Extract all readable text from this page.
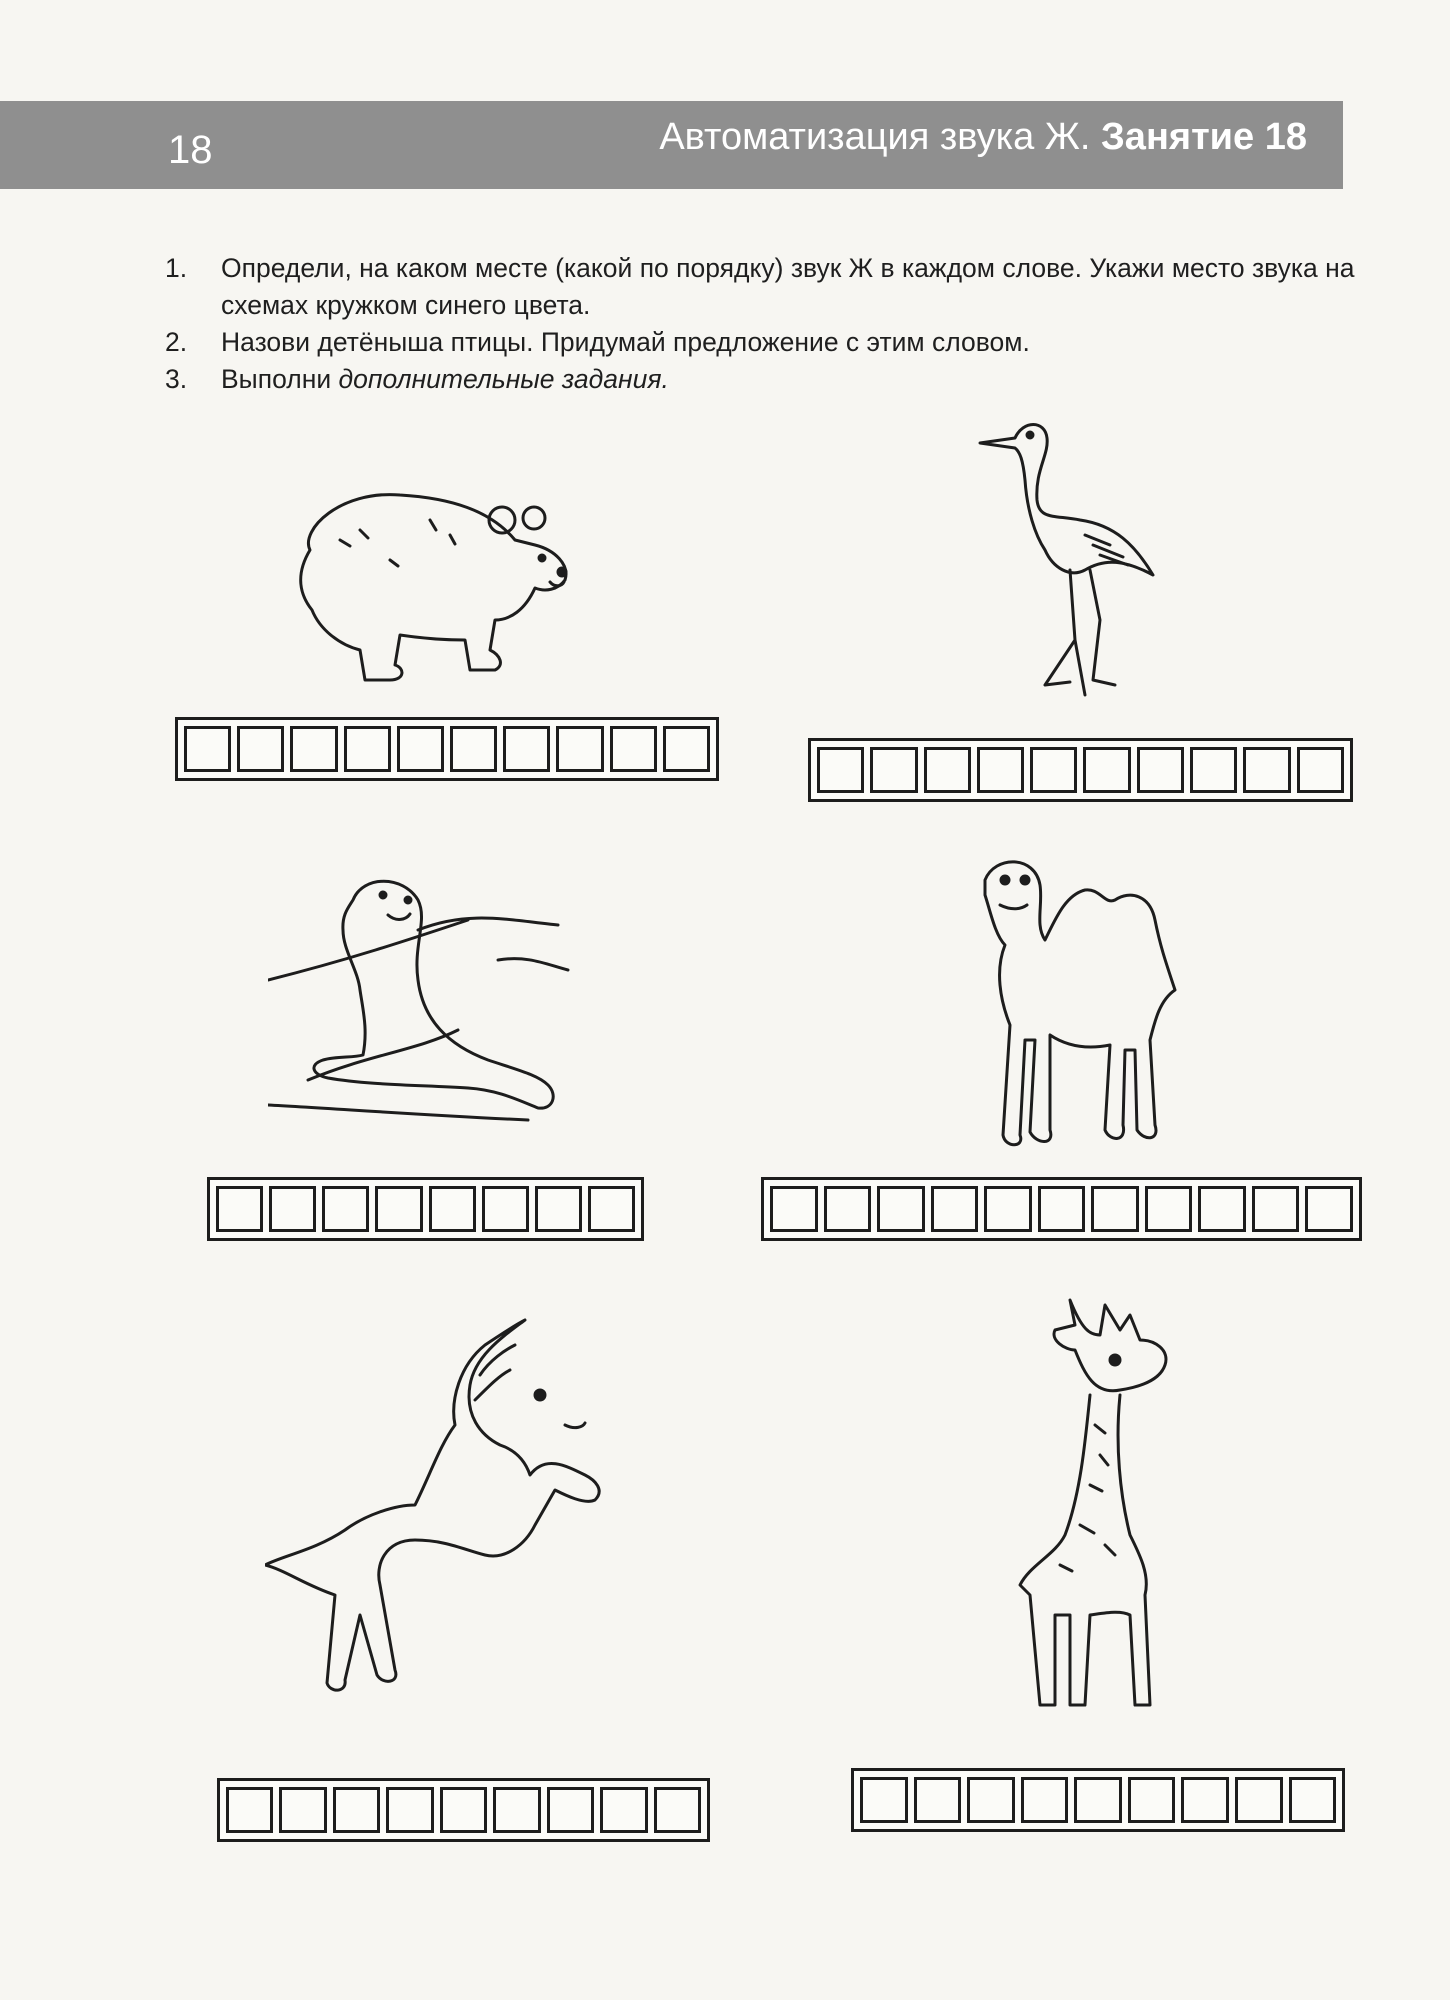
18	Автоматизация звука Ж. Занятие 18
1.	Определи, на каком месте (какой по порядку) звук Ж в каждом слове. Укажи место звука на схемах кружком синего цвета.
2.	Назови детёныша птицы. Придумай предложение с этим словом.
3.	Выполни дополнительные задания.
